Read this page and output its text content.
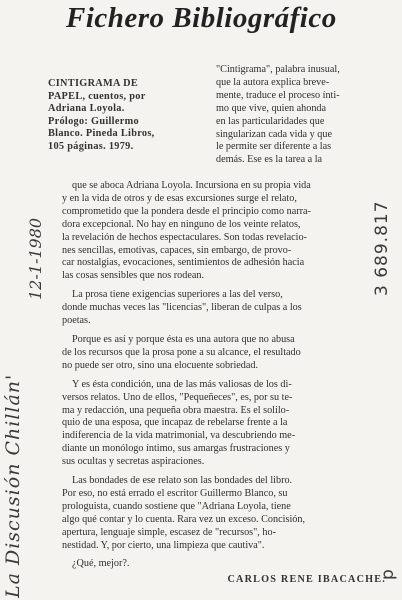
Fichero Bibliográfico
CINTIGRAMA DE
PAPEL, cuentos, por
Adriana Loyola.
Prólogo: Guillermo
Blanco. Pineda Libros,
105 páginas. 1979.
"Cintigrama", palabra inusual,
que la autora explica breve-
mente, traduce el proceso ínti-
mo que vive, quien ahonda
en las particularidades que
singularizan cada vida y que
le permite ser diferente a las
demás. Ese es la tarea a la
que se aboca Adriana Loyola. Incursiona en su propia vida
y en la vida de otros y de esas excursiones surge el relato,
comprometido que la pondera desde el principio como narra-
dora excepcional. No hay en ninguno de los veinte relatos,
la revelación de hechos espectaculares. Son todas revelacio-
nes sencillas, emotivas, capaces, sin embargo, de provo-
car nostalgias, evocaciones, sentimientos de adhesión hacia
las cosas sensibles que nos rodean.
La prosa tiene exigencias superiores a las del verso,
donde muchas veces las "licencias", liberan de culpas a los
poetas.
Porque es así y porque ésta es una autora que no abusa
de los recursos que la prosa pone a su alcance, el resultado
no puede ser otro, sino una elocuente sobriedad.
Y es ésta condición, una de las más valiosas de los di-
versos relatos. Uno de ellos, "Pequeñeces", es, por su te-
ma y redacción, una pequeña obra maestra. Es el solilo-
quio de una esposa, que incapaz de rebelarse frente a la
indiferencia de la vida matrimonial, va descubriendo me-
diante un monólogo íntimo, sus amargas frustraciones y
sus ocultas y secretas aspiraciones.
Las bondades de ese relato son las bondades del libro.
Por eso, no está errado el escritor Guillermo Blanco, su
prologuista, cuando sostiene que "Adriana Loyola, tiene
algo qué contar y lo cuenta. Rara vez un exceso. Concisión,
apertura, lenguaje simple, escasez de "recursos", ho-
nestidad. Y, por cierto, una limpieza que cautiva".
¿Qué, mejor?.
CARLOS RENE IBACACHE.
La Discusión Chillán'
12-1-1980	3 689.817
p
